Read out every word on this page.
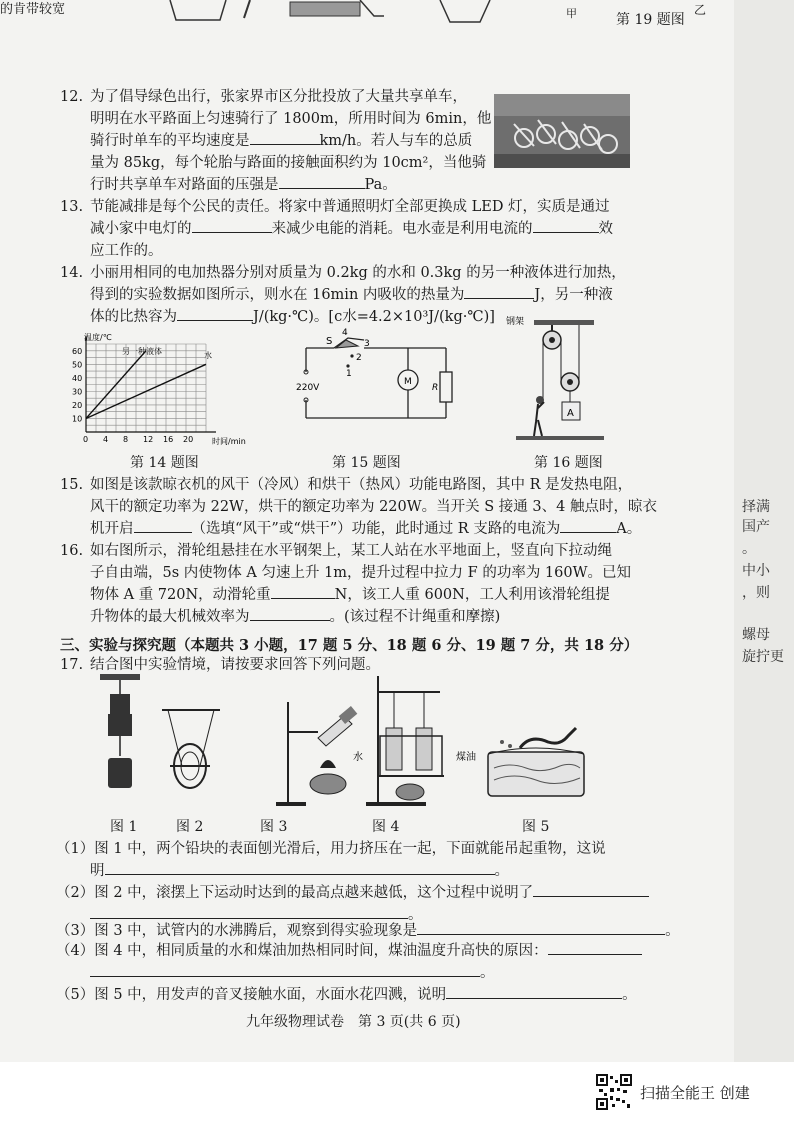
的肯带较宽	甲	乙
第 19 题图
12. 为了倡导绿色出行，张家界市区分批投放了大量共享单车，
明明在水平路面上匀速骑行了 1800m，所用时间为 6min，他
骑行时单车的平均速度是	km/h。若人与车的总质
量为 85kg，每个轮胎与路面的接触面积约为 10cm²，当他骑
行时共享单车对路面的压强是	Pa。
13. 节能减排是每个公民的责任。将家中普通照明灯全部更换成 LED 灯，实质是通过
减小家中电灯的	来减少电能的消耗。电水壶是利用电流的	效
应工作的。
14. 小丽用相同的电加热器分别对质量为 0.2kg 的水和 0.3kg 的另一种液体进行加热，
得到的实验数据如图所示，则水在 16min 内吸收的热量为	J，另一种液
体的比热容为	J/(kg·℃)。[c水=4.2×10³J/(kg·℃)]
温度/℃
时间/min
另一种液体	水
0 4 8 12 16 20
10
20
30
40
50
60
第 14 题图
S
4
3
2
1
220V
M
R
第 15 题图
钢架
A
第 16 题图
15. 如图是该款晾衣机的风干（冷风）和烘干（热风）功能电路图，其中 R 是发热电阻，
风干的额定功率为 22W，烘干的额定功率为 220W。当开关 S 接通 3、4 触点时，晾衣
机开启	（选填“风干”或“烘干”）功能，此时通过 R 支路的电流为	A。
16. 如右图所示，滑轮组悬挂在水平钢架上，某工人站在水平地面上，竖直向下拉动绳
子自由端，5s 内使物体 A 匀速上升 1m，提升过程中拉力 F 的功率为 160W。已知
物体 A 重 720N，动滑轮重	N，该工人重 600N，工人利用该滑轮组提
升物体的最大机械效率为	。(该过程不计绳重和摩擦)
三、实验与探究题（本题共 3 小题，17 题 5 分、18 题 6 分、19 题 7 分，共 18 分）
17. 结合图中实验情境，请按要求回答下列问题。
水	煤油
图 1	图 2	图 3	图 4	图 5
（1）图 1 中，两个铅块的表面刨光滑后，用力挤压在一起，下面就能吊起重物，这说
明	。
（2）图 2 中，滚摆上下运动时达到的最高点越来越低，这个过程中说明了
。
（3）图 3 中，试管内的水沸腾后，观察到得实验现象是	。
（4）图 4 中，相同质量的水和煤油加热相同时间，煤油温度升高快的原因：
。
（5）图 5 中，用发声的音叉接触水面，水面水花四溅，说明	。
九年级物理试卷　第 3 页(共 6 页)
择满
国产
。
中小
，则
螺母
旋拧更
扫描全能王 创建
